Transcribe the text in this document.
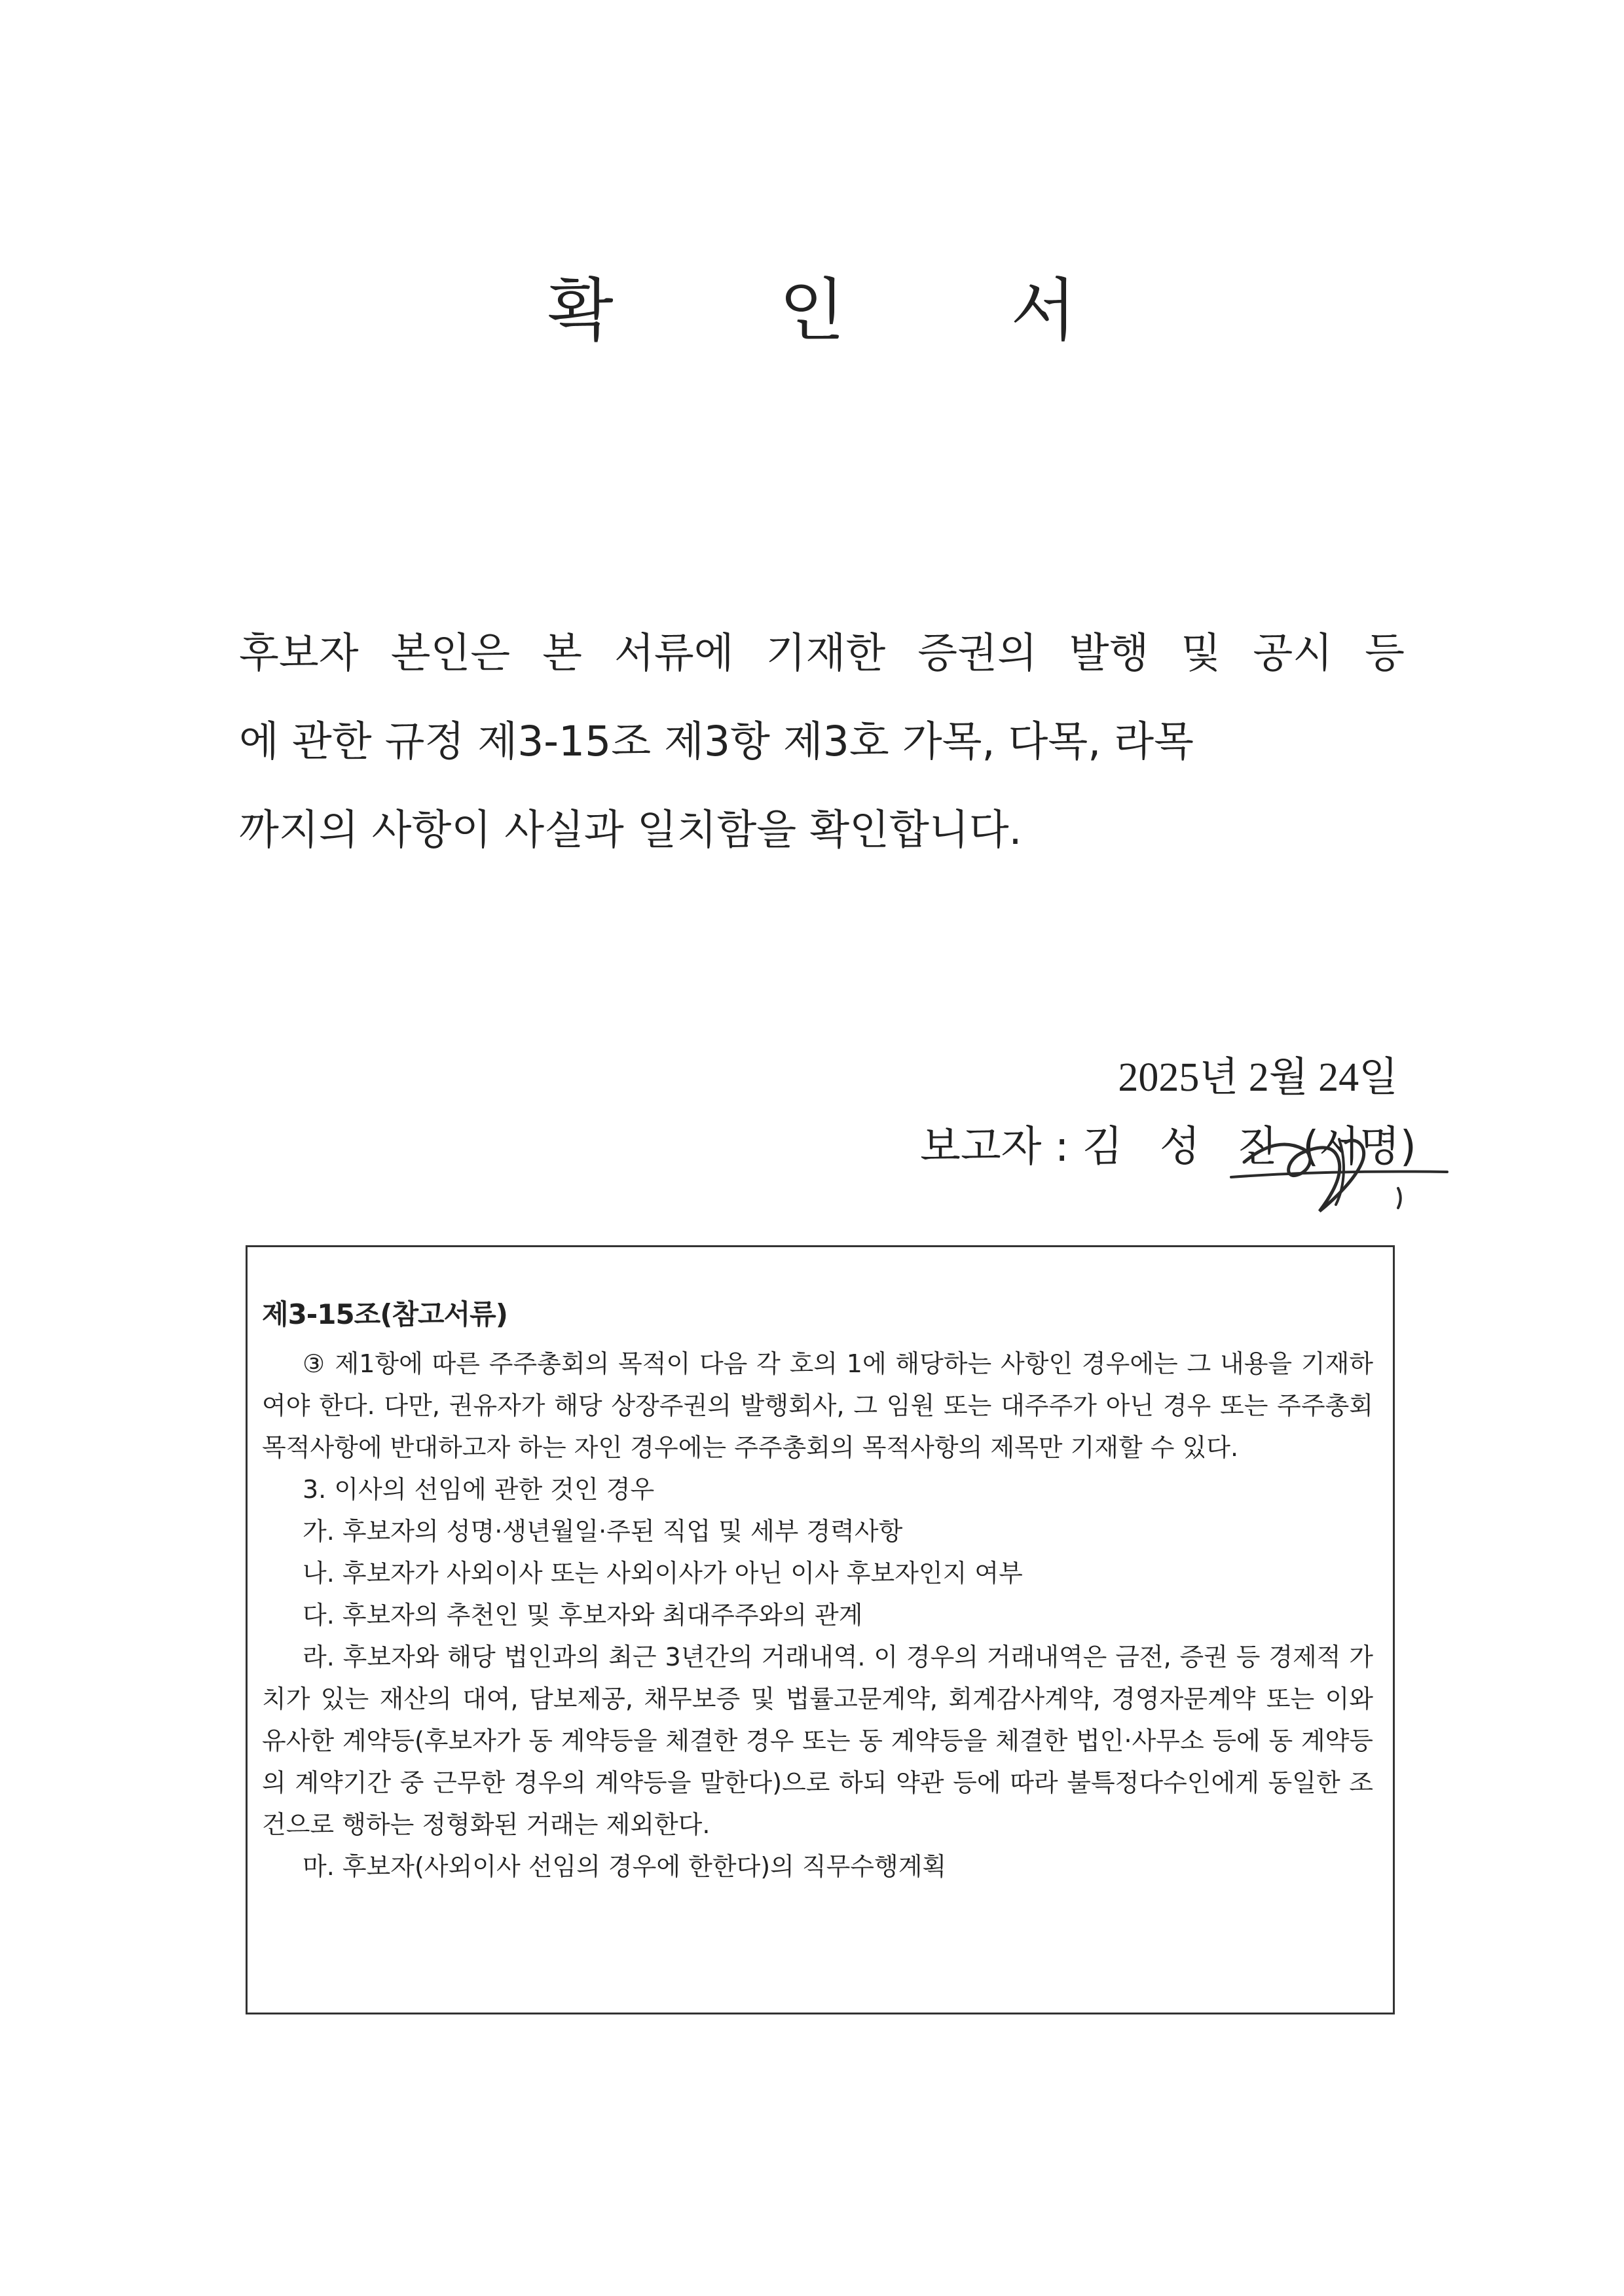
확 인 서
후보자 본인은 본 서류에 기재한 증권의 발행 및 공시 등
에 관한 규정 제3-15조 제3항 제3호 가목, 다목, 라목
까지의 사항이 사실과 일치함을 확인합니다.
2025년 2월 24일
보고자 : 김 성 진 (서명)
제3-15조(참고서류)
③ 제1항에 따른 주주총회의 목적이 다음 각 호의 1에 해당하는 사항인 경우에는 그 내용을 기재하여야 한다. 다만, 권유자가 해당 상장주권의 발행회사, 그 임원 또는 대주주가 아닌 경우 또는 주주총회 목적사항에 반대하고자 하는 자인 경우에는 주주총회의 목적사항의 제목만 기재할 수 있다.
3. 이사의 선임에 관한 것인 경우
가. 후보자의 성명·생년월일·주된 직업 및 세부 경력사항
나. 후보자가 사외이사 또는 사외이사가 아닌 이사 후보자인지 여부
다. 후보자의 추천인 및 후보자와 최대주주와의 관계
라. 후보자와 해당 법인과의 최근 3년간의 거래내역. 이 경우의 거래내역은 금전, 증권 등 경제적 가치가 있는 재산의 대여, 담보제공, 채무보증 및 법률고문계약, 회계감사계약, 경영자문계약 또는 이와 유사한 계약등(후보자가 동 계약등을 체결한 경우 또는 동 계약등을 체결한 법인·사무소 등에 동 계약등의 계약기간 중 근무한 경우의 계약등을 말한다)으로 하되 약관 등에 따라 불특정다수인에게 동일한 조건으로 행하는 정형화된 거래는 제외한다.
마. 후보자(사외이사 선임의 경우에 한한다)의 직무수행계획
